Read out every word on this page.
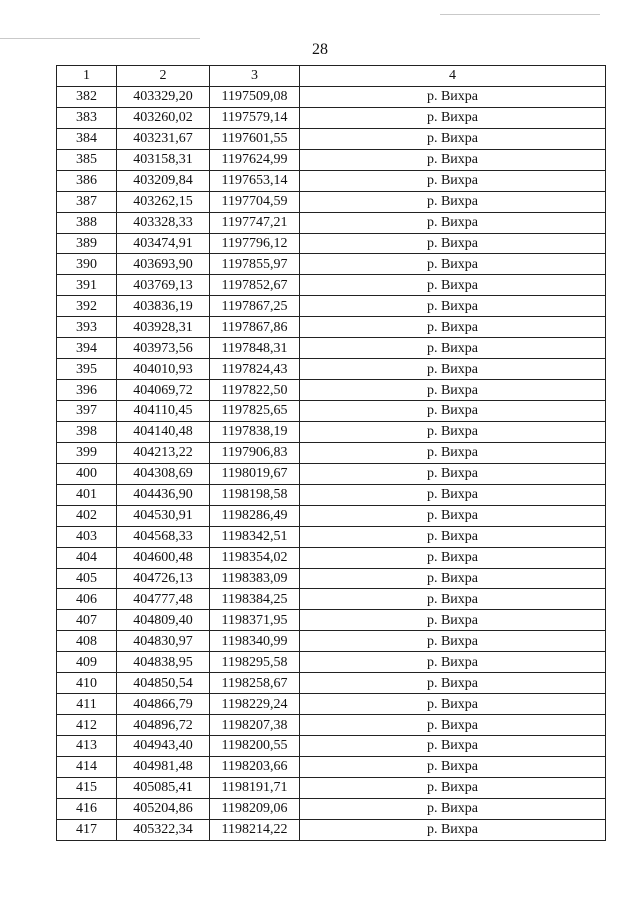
28
1	2	3	4
382	403329,20	1197509,08	р. Вихра
383	403260,02	1197579,14	р. Вихра
384	403231,67	1197601,55	р. Вихра
385	403158,31	1197624,99	р. Вихра
386	403209,84	1197653,14	р. Вихра
387	403262,15	1197704,59	р. Вихра
388	403328,33	1197747,21	р. Вихра
389	403474,91	1197796,12	р. Вихра
390	403693,90	1197855,97	р. Вихра
391	403769,13	1197852,67	р. Вихра
392	403836,19	1197867,25	р. Вихра
393	403928,31	1197867,86	р. Вихра
394	403973,56	1197848,31	р. Вихра
395	404010,93	1197824,43	р. Вихра
396	404069,72	1197822,50	р. Вихра
397	404110,45	1197825,65	р. Вихра
398	404140,48	1197838,19	р. Вихра
399	404213,22	1197906,83	р. Вихра
400	404308,69	1198019,67	р. Вихра
401	404436,90	1198198,58	р. Вихра
402	404530,91	1198286,49	р. Вихра
403	404568,33	1198342,51	р. Вихра
404	404600,48	1198354,02	р. Вихра
405	404726,13	1198383,09	р. Вихра
406	404777,48	1198384,25	р. Вихра
407	404809,40	1198371,95	р. Вихра
408	404830,97	1198340,99	р. Вихра
409	404838,95	1198295,58	р. Вихра
410	404850,54	1198258,67	р. Вихра
411	404866,79	1198229,24	р. Вихра
412	404896,72	1198207,38	р. Вихра
413	404943,40	1198200,55	р. Вихра
414	404981,48	1198203,66	р. Вихра
415	405085,41	1198191,71	р. Вихра
416	405204,86	1198209,06	р. Вихра
417	405322,34	1198214,22	р. Вихра
